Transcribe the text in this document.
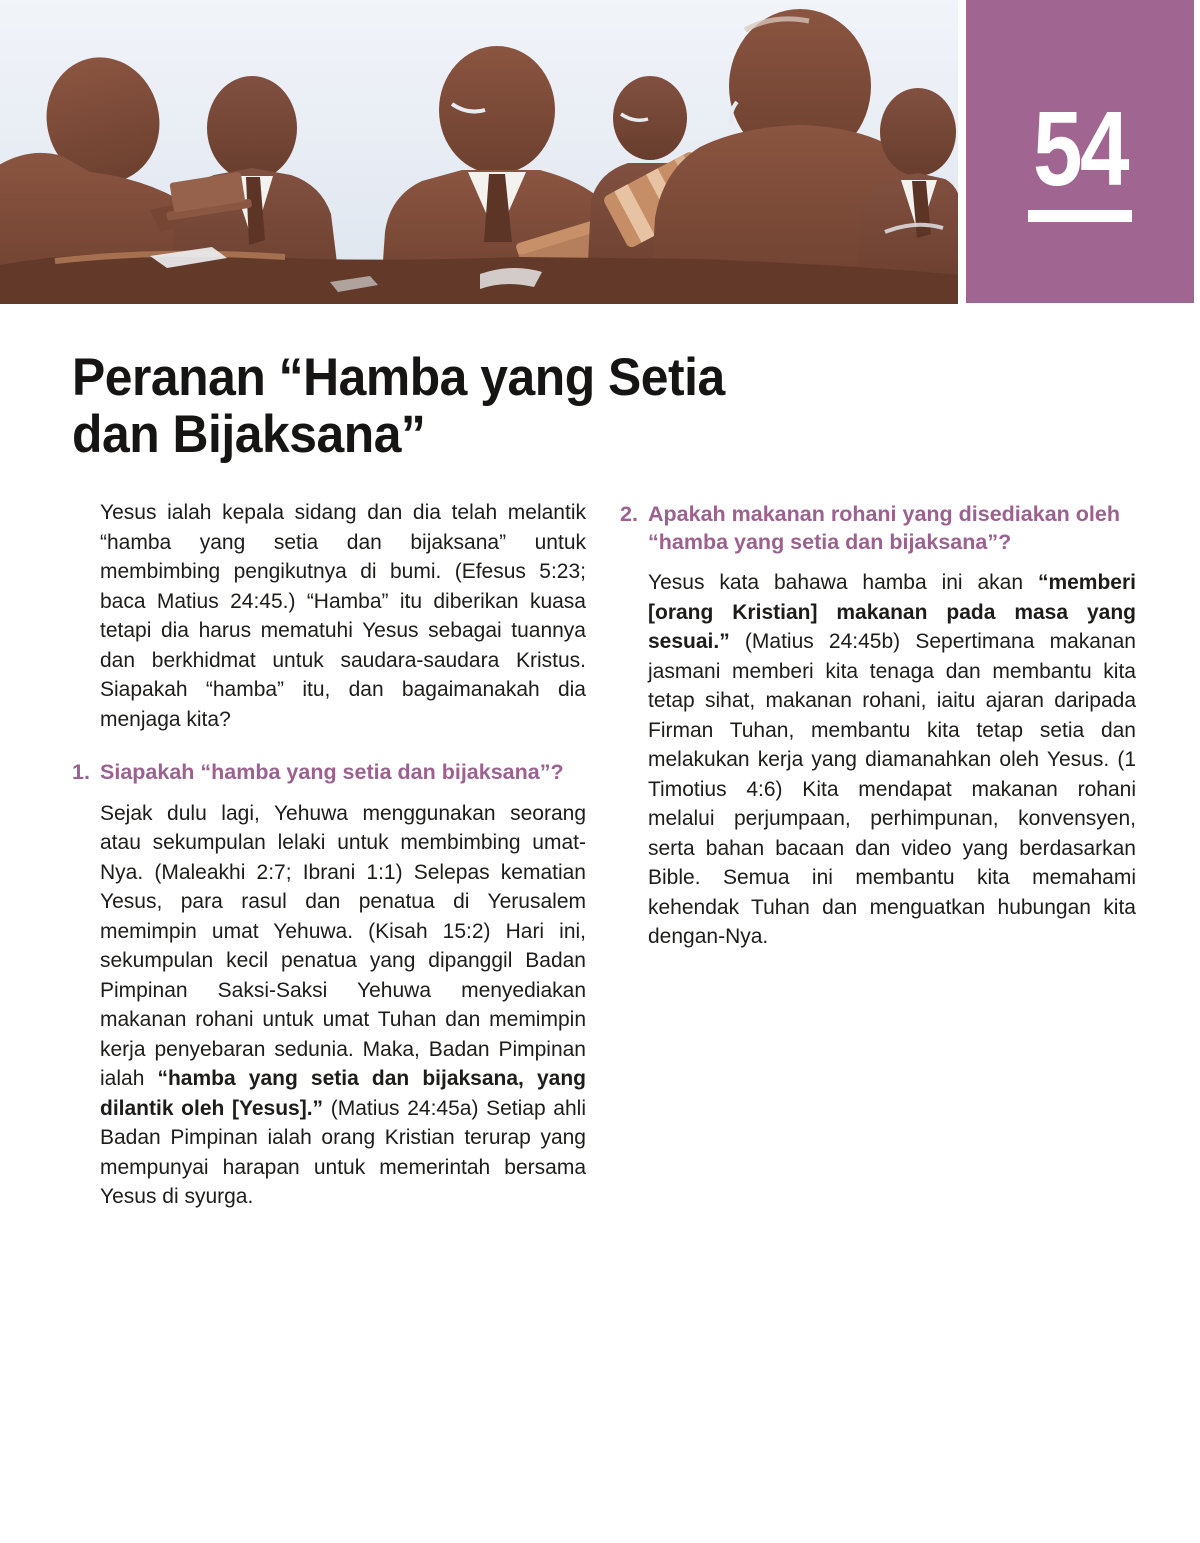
54
Peranan “Hamba yang Setia
dan Bijaksana”

Yesus ialah kepala sidang dan dia telah melantik “hamba yang setia dan bijaksana” untuk membimbing pengikutnya di bumi. (Efesus 5:23; baca Matius 24:45.) “Hamba” itu diberikan kuasa tetapi dia harus mematuhi Yesus sebagai tuannya dan berkhidmat untuk saudara-saudara Kristus. Siapakah “hamba” itu, dan bagaimanakah dia menjaga kita?

1. Siapakah “hamba yang setia dan bijaksana”?

Sejak dulu lagi, Yehuwa menggunakan seorang atau sekumpulan lelaki untuk membimbing umat-Nya. (Maleakhi 2:7; Ibrani 1:1) Selepas kematian Yesus, para rasul dan penatua di Yerusalem memimpin umat Yehuwa. (Kisah 15:2) Hari ini, sekumpulan kecil penatua yang dipanggil Badan Pimpinan Saksi-Saksi Yehuwa menyediakan makanan rohani untuk umat Tuhan dan memimpin kerja penyebaran sedunia. Maka, Badan Pimpinan ialah “hamba yang setia dan bijaksana, yang dilantik oleh [Yesus].” (Matius 24:45a) Setiap ahli Badan Pimpinan ialah orang Kristian terurap yang mempunyai harapan untuk memerintah bersama Yesus di syurga.

2. Apakah makanan rohani yang disediakan oleh “hamba yang setia dan bijaksana”?

Yesus kata bahawa hamba ini akan “memberi [orang Kristian] makanan pada masa yang sesuai.” (Matius 24:45b) Sepertimana makanan jasmani memberi kita tenaga dan membantu kita tetap sihat, makanan rohani, iaitu ajaran daripada Firman Tuhan, membantu kita tetap setia dan melakukan kerja yang diamanahkan oleh Yesus. (1 Timotius 4:6) Kita mendapat makanan rohani melalui perjumpaan, perhimpunan, konvensyen, serta bahan bacaan dan video yang berdasarkan Bible. Semua ini membantu kita memahami kehendak Tuhan dan menguatkan hubungan kita dengan-Nya.
